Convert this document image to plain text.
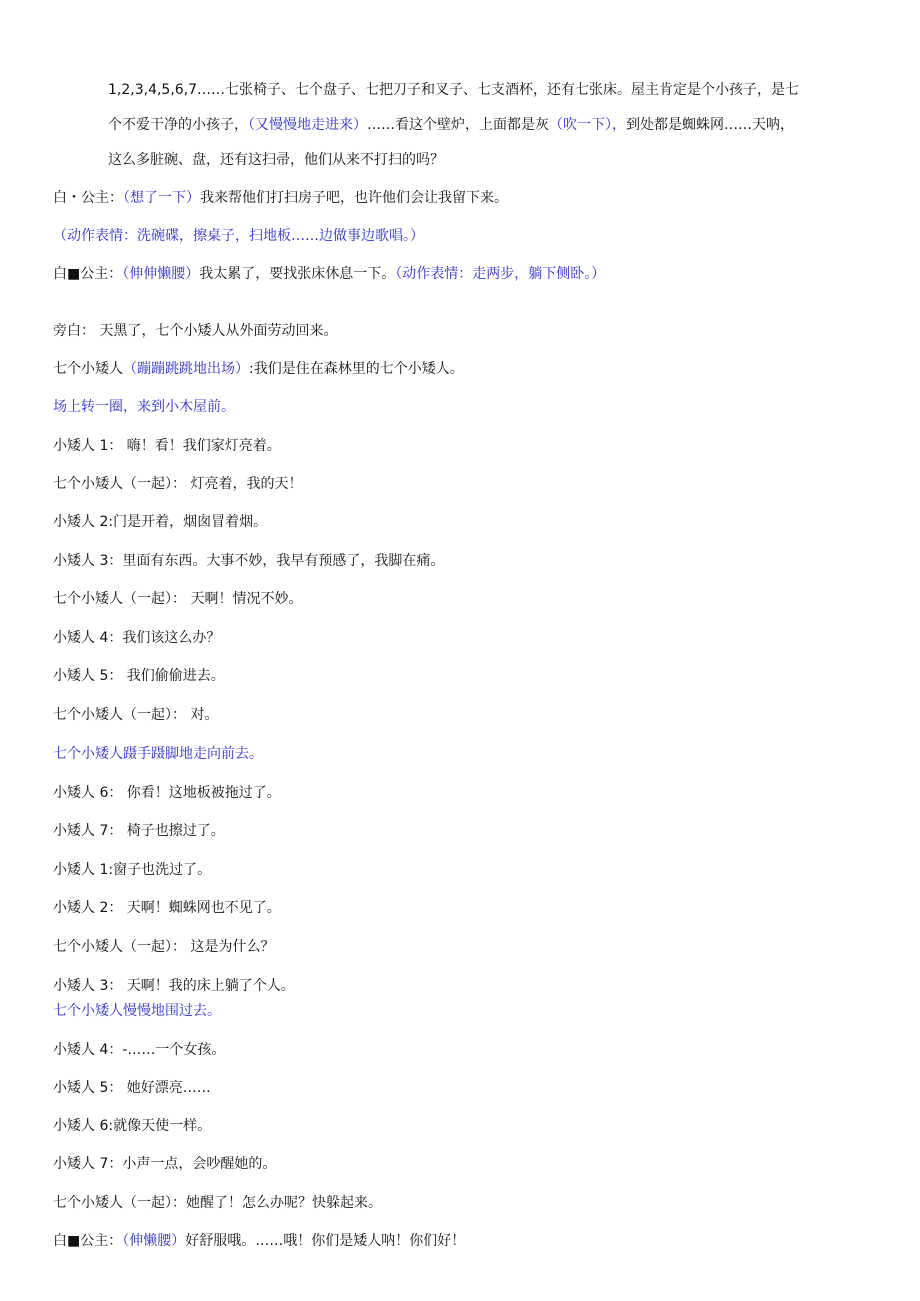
1,2,3,4,5,6,7……七张椅子、七个盘子、七把刀子和叉子、七支酒杯，还有七张床。屋主肯定是个小孩子，是七
个不爱干净的小孩子，（又慢慢地走进来）……看这个壁炉，上面都是灰（吹一下），到处都是蜘蛛网……天呐，
这么多脏碗、盘，还有这扫帚，他们从来不打扫的吗？
白・公主：（想了一下）我来帮他们打扫房子吧，也许他们会让我留下来。
（动作表情：洗碗碟，擦桌子，扫地板……边做事边歌唱。）
白■公主：（伸伸懒腰）我太累了，要找张床休息一下。（动作表情：走两步，躺下侧卧。）
旁白： 天黑了，七个小矮人从外面劳动回来。
七个小矮人（蹦蹦跳跳地出场）:我们是住在森林里的七个小矮人。
场上转一圈，来到小木屋前。
小矮人 1： 嗨！看！我们家灯亮着。
七个小矮人（一起）： 灯亮着，我的天！
小矮人 2:门是开着，烟囱冒着烟。
小矮人 3：里面有东西。大事不妙，我早有预感了，我脚在痛。
七个小矮人（一起）： 天啊！情况不妙。
小矮人 4：我们该这么办？
小矮人 5： 我们偷偷进去。
七个小矮人（一起）： 对。
七个小矮人蹑手蹑脚地走向前去。
小矮人 6： 你看！这地板被拖过了。
小矮人 7： 椅子也擦过了。
小矮人 1:窗子也洗过了。
小矮人 2： 天啊！蜘蛛网也不见了。
七个小矮人（一起）： 这是为什么？
小矮人 3： 天啊！我的床上躺了个人。
七个小矮人慢慢地围过去。
小矮人 4：-……一个女孩。
小矮人 5： 她好漂亮……
小矮人 6:就像天使一样。
小矮人 7：小声一点，会吵醒她的。
七个小矮人（一起）：她醒了！怎么办呢？快躲起来。
白■公主：（伸懒腰）好舒服哦。……哦！你们是矮人呐！你们好！
